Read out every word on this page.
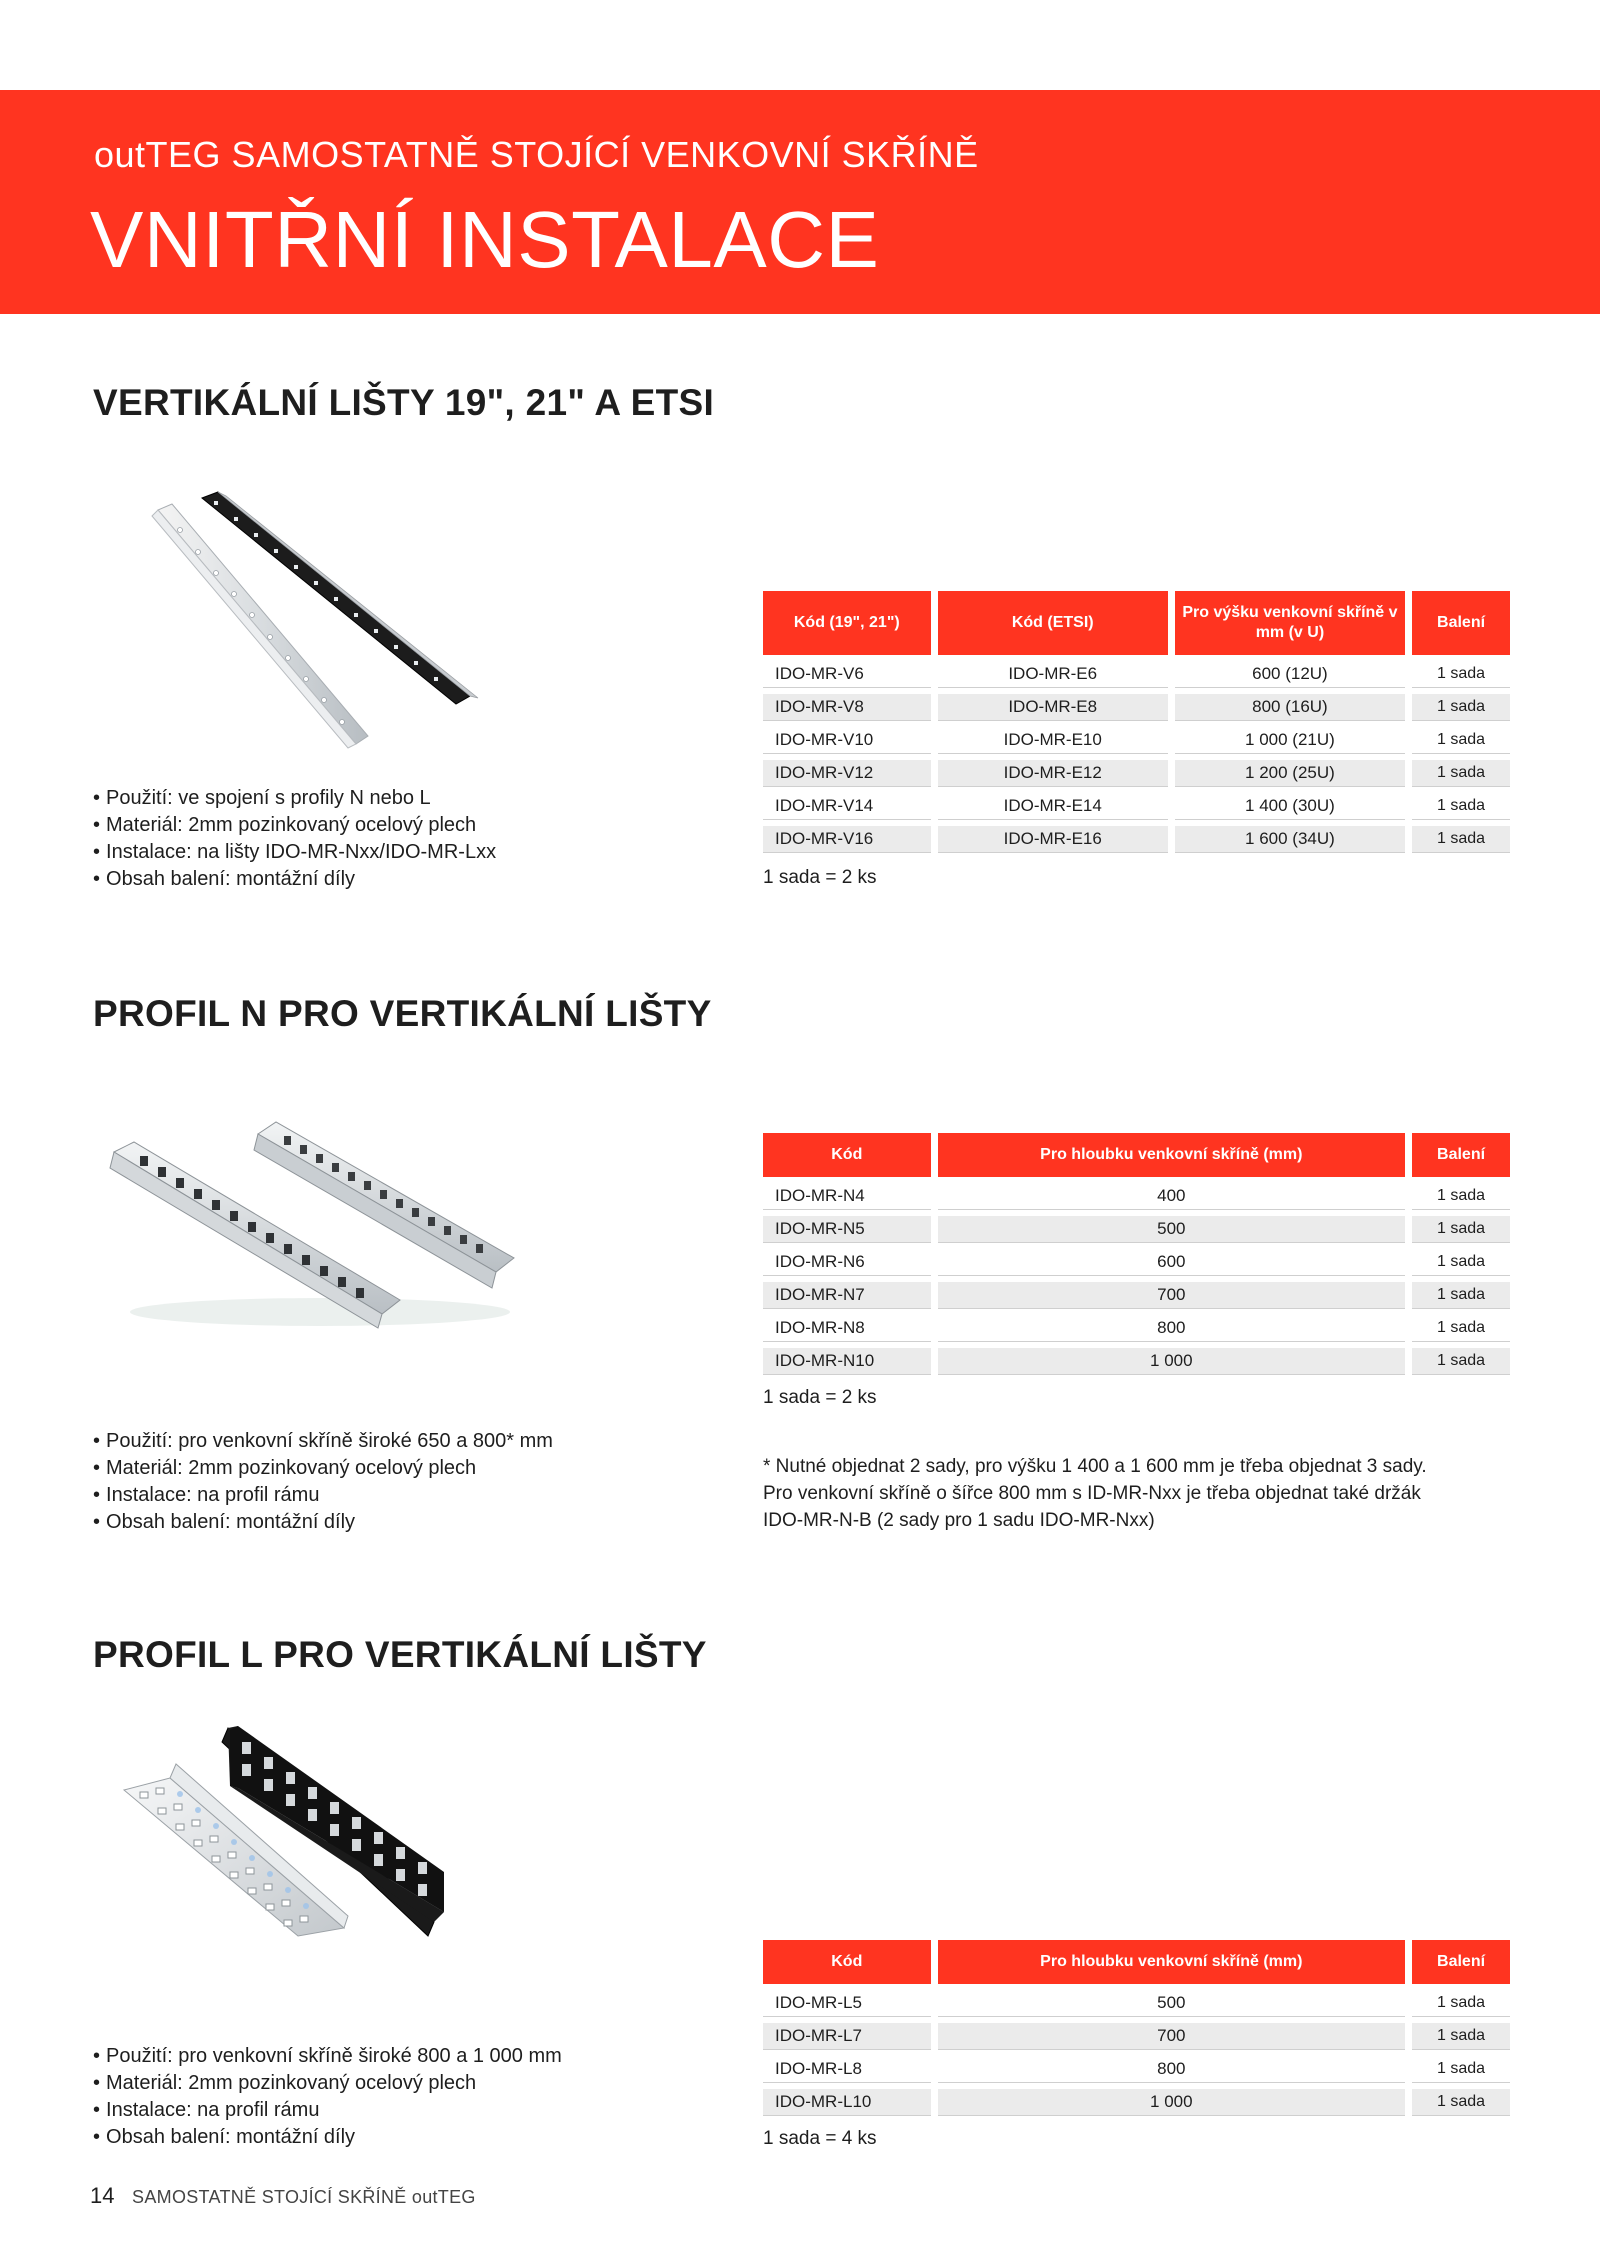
outTEG SAMOSTATNĚ STOJÍCÍ VENKOVNÍ SKŘÍNĚ
VNITŘNÍ INSTALACE
VERTIKÁLNÍ LIŠTY 19", 21" A ETSI
• Použití: ve spojení s profily N nebo L
• Materiál: 2mm pozinkovaný ocelový plech
• Instalace: na lišty IDO-MR-Nxx/IDO-MR-Lxx
• Obsah balení: montážní díly
Kód (19", 21")	Kód (ETSI)	Pro výšku venkovní skříně v mm (v U)	Balení
IDO-MR-V6	IDO-MR-E6	600 (12U)	1 sada
IDO-MR-V8	IDO-MR-E8	800 (16U)	1 sada
IDO-MR-V10	IDO-MR-E10	1 000 (21U)	1 sada
IDO-MR-V12	IDO-MR-E12	1 200 (25U)	1 sada
IDO-MR-V14	IDO-MR-E14	1 400 (30U)	1 sada
IDO-MR-V16	IDO-MR-E16	1 600 (34U)	1 sada
1 sada = 2 ks
PROFIL N PRO VERTIKÁLNÍ LIŠTY
• Použití: pro venkovní skříně široké 650 a 800* mm
• Materiál: 2mm pozinkovaný ocelový plech
• Instalace: na profil rámu
• Obsah balení: montážní díly
Kód	Pro hloubku venkovní skříně (mm)	Balení
IDO-MR-N4	400	1 sada
IDO-MR-N5	500	1 sada
IDO-MR-N6	600	1 sada
IDO-MR-N7	700	1 sada
IDO-MR-N8	800	1 sada
IDO-MR-N10	1 000	1 sada
1 sada = 2 ks
* Nutné objednat 2 sady, pro výšku 1 400 a 1 600 mm je třeba objednat 3 sady.
Pro venkovní skříně o šířce 800 mm s ID-MR-Nxx je třeba objednat také držák
IDO-MR-N-B (2 sady pro 1 sadu IDO-MR-Nxx)
PROFIL L PRO VERTIKÁLNÍ LIŠTY
• Použití: pro venkovní skříně široké 800 a 1 000 mm
• Materiál: 2mm pozinkovaný ocelový plech
• Instalace: na profil rámu
• Obsah balení: montážní díly
Kód	Pro hloubku venkovní skříně (mm)	Balení
IDO-MR-L5	500	1 sada
IDO-MR-L7	700	1 sada
IDO-MR-L8	800	1 sada
IDO-MR-L10	1 000	1 sada
1 sada = 4 ks
14 SAMOSTATNĚ STOJÍCÍ SKŘÍNĚ outTEG
